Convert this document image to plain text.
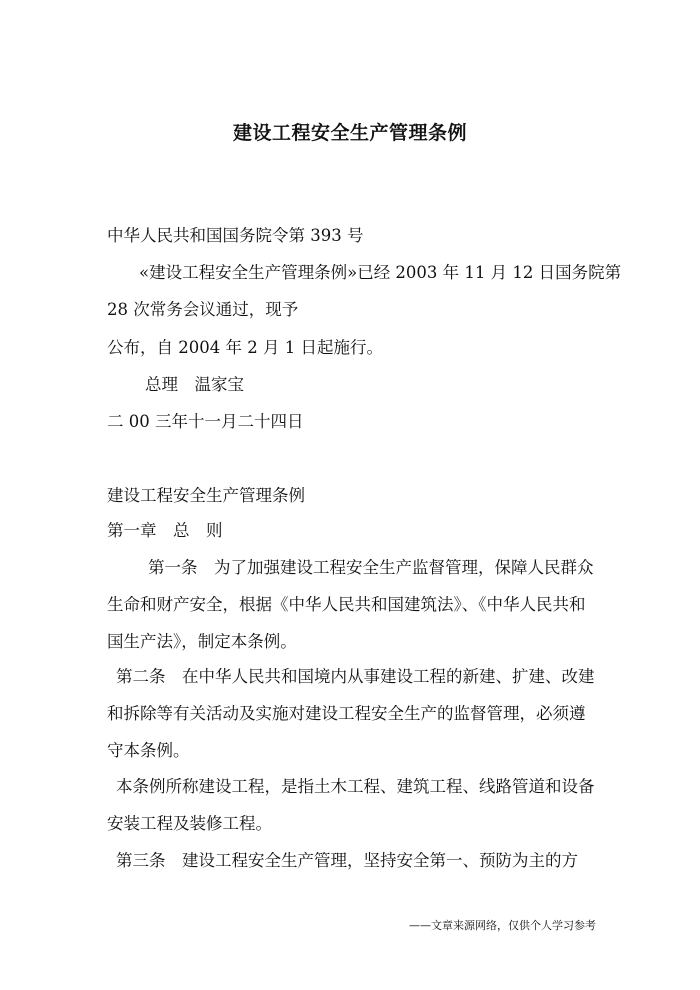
建设工程安全生产管理条例
中华人民共和国国务院令第 393 号
«建设工程安全生产管理条例»已经 2003 年 11 月 12 日国务院第
28 次常务会议通过，现予
公布，自 2004 年 2 月 1 日起施行。
总理　温家宝
二 00 三年十一月二十四日
建设工程安全生产管理条例
第一章　总　则
第一条　为了加强建设工程安全生产监督管理，保障人民群众
生命和财产安全，根据《中华人民共和国建筑法》、《中华人民共和
国生产法》，制定本条例。
第二条　在中华人民共和国境内从事建设工程的新建、扩建、改建
和拆除等有关活动及实施对建设工程安全生产的监督管理，必须遵
守本条例。
本条例所称建设工程，是指土木工程、建筑工程、线路管道和设备
安装工程及装修工程。
第三条　建设工程安全生产管理，坚持安全第一、预防为主的方
——文章来源网络，仅供个人学习参考
